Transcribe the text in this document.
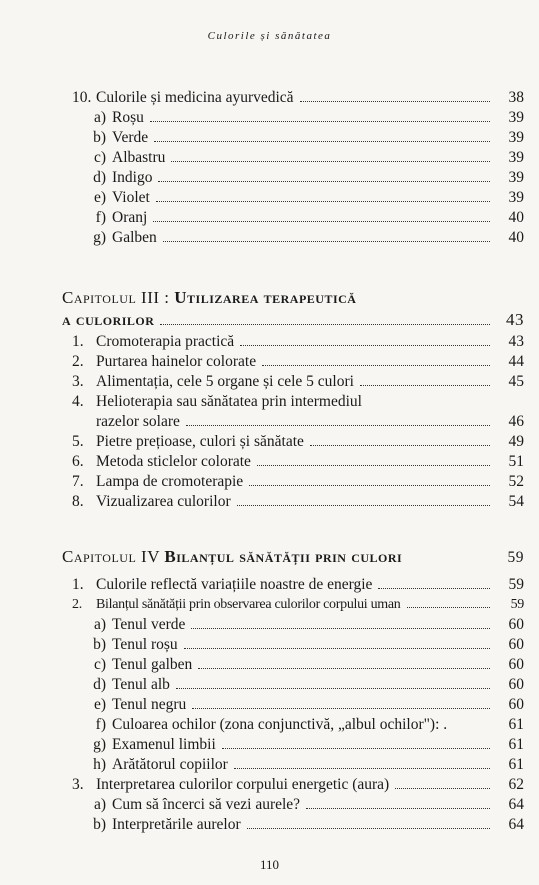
Culorile și sănătatea
10. Culorile și medicina ayurvedică	38
a) Roșu	39
b) Verde	39
c) Albastru	39
d) Indigo	39
e) Violet	39
f) Oranj	40
g) Galben	40
Capitolul III : Utilizarea terapeutică
a culorilor	43
1. Cromoterapia practică	43
2. Purtarea hainelor colorate	44
3. Alimentația, cele 5 organe și cele 5 culori	45
4. Helioterapia sau sănătatea prin intermediul
razelor solare	46
5. Pietre prețioase, culori și sănătate	49
6. Metoda sticlelor colorate	51
7. Lampa de cromoterapie	52
8. Vizualizarea culorilor	54
Capitolul IV Bilanțul sănătății prin culori	59
1. Culorile reflectă variațiile noastre de energie	59
2.	Bilanțul sănătății prin observarea culorilor corpului uman	59
a) Tenul verde	60
b) Tenul roșu	60
c) Tenul galben	60
d) Tenul alb	60
e) Tenul negru	60
f) Culoarea ochilor (zona conjunctivă, „albul ochilor"): .	61
g) Examenul limbii	61
h) Arătătorul copiilor	61
3. Interpretarea culorilor corpului energetic (aura)	62
a) Cum să încerci să vezi aurele?	64
b) Interpretările aurelor	64
110
